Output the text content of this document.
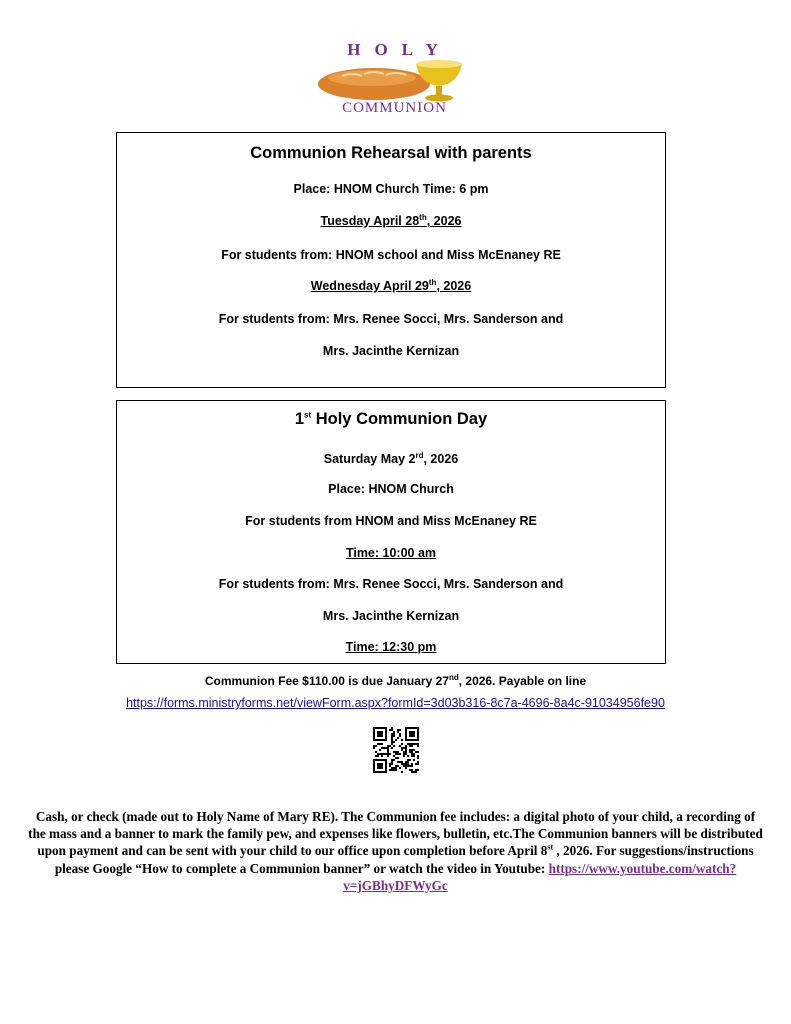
HOLY
COMMUNION
Communion Rehearsal with parents
Place: HNOM Church Time: 6 pm
Tuesday April 28th, 2026
For students from: HNOM school and Miss McEnaney RE
Wednesday April 29th, 2026
For students from: Mrs. Renee Socci, Mrs. Sanderson and
Mrs. Jacinthe Kernizan
1st Holy Communion Day
Saturday May 2rd, 2026
Place: HNOM Church
For students from HNOM and Miss McEnaney RE
Time: 10:00 am
For students from: Mrs. Renee Socci, Mrs. Sanderson and
Mrs. Jacinthe Kernizan
Time: 12:30 pm
Communion Fee $110.00 is due January 27nd, 2026. Payable on line
https://forms.ministryforms.net/viewForm.aspx?formId=3d03b316-8c7a-4696-8a4c-91034956fe90
Cash, or check (made out to Holy Name of Mary RE). The Communion fee includes: a digital photo of your child, a recording of the mass and a banner to mark the family pew, and expenses like flowers, bulletin, etc.The Communion banners will be distributed upon payment and can be sent with your child to our office upon completion before April 8st , 2026. For suggestions/instructions please Google “How to complete a Communion banner” or watch the video in Youtube: https://www.youtube.com/watch?v=jGBhyDFWyGc
